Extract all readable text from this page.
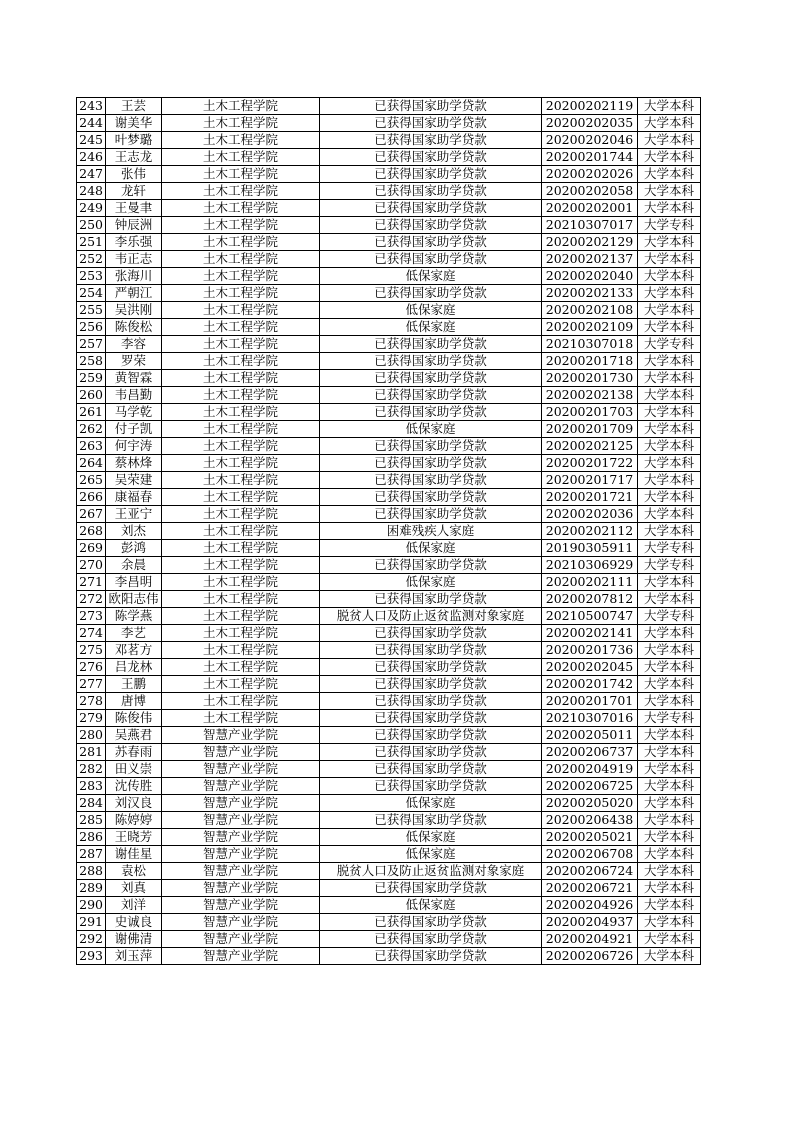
243	王芸	土木工程学院	已获得国家助学贷款	20200202119	大学本科
244	谢美华	土木工程学院	已获得国家助学贷款	20200202035	大学本科
245	叶梦璐	土木工程学院	已获得国家助学贷款	20200202046	大学本科
246	王志龙	土木工程学院	已获得国家助学贷款	20200201744	大学本科
247	张伟	土木工程学院	已获得国家助学贷款	20200202026	大学本科
248	龙轩	土木工程学院	已获得国家助学贷款	20200202058	大学本科
249	王曼聿	土木工程学院	已获得国家助学贷款	20200202001	大学本科
250	钟辰洲	土木工程学院	已获得国家助学贷款	20210307017	大学专科
251	李乐强	土木工程学院	已获得国家助学贷款	20200202129	大学本科
252	韦正志	土木工程学院	已获得国家助学贷款	20200202137	大学本科
253	张海川	土木工程学院	低保家庭	20200202040	大学本科
254	严朝江	土木工程学院	已获得国家助学贷款	20200202133	大学本科
255	吴洪刚	土木工程学院	低保家庭	20200202108	大学本科
256	陈俊松	土木工程学院	低保家庭	20200202109	大学本科
257	李容	土木工程学院	已获得国家助学贷款	20210307018	大学专科
258	罗荣	土木工程学院	已获得国家助学贷款	20200201718	大学本科
259	黄智霖	土木工程学院	已获得国家助学贷款	20200201730	大学本科
260	韦昌勤	土木工程学院	已获得国家助学贷款	20200202138	大学本科
261	马学乾	土木工程学院	已获得国家助学贷款	20200201703	大学本科
262	付子凯	土木工程学院	低保家庭	20200201709	大学本科
263	何宇涛	土木工程学院	已获得国家助学贷款	20200202125	大学本科
264	蔡林烽	土木工程学院	已获得国家助学贷款	20200201722	大学本科
265	吴荣建	土木工程学院	已获得国家助学贷款	20200201717	大学本科
266	康福春	土木工程学院	已获得国家助学贷款	20200201721	大学本科
267	王亚宁	土木工程学院	已获得国家助学贷款	20200202036	大学本科
268	刘杰	土木工程学院	困难残疾人家庭	20200202112	大学本科
269	彭鸿	土木工程学院	低保家庭	20190305911	大学专科
270	余晨	土木工程学院	已获得国家助学贷款	20210306929	大学专科
271	李昌明	土木工程学院	低保家庭	20200202111	大学本科
272	欧阳志伟	土木工程学院	已获得国家助学贷款	20200207812	大学本科
273	陈学燕	土木工程学院	脱贫人口及防止返贫监测对象家庭	20210500747	大学专科
274	李艺	土木工程学院	已获得国家助学贷款	20200202141	大学本科
275	邓茗方	土木工程学院	已获得国家助学贷款	20200201736	大学本科
276	吕龙林	土木工程学院	已获得国家助学贷款	20200202045	大学本科
277	王鹏	土木工程学院	已获得国家助学贷款	20200201742	大学本科
278	唐博	土木工程学院	已获得国家助学贷款	20200201701	大学本科
279	陈俊伟	土木工程学院	已获得国家助学贷款	20210307016	大学专科
280	吴燕君	智慧产业学院	已获得国家助学贷款	20200205011	大学本科
281	苏春雨	智慧产业学院	已获得国家助学贷款	20200206737	大学本科
282	田义崇	智慧产业学院	已获得国家助学贷款	20200204919	大学本科
283	沈传胜	智慧产业学院	已获得国家助学贷款	20200206725	大学本科
284	刘汉良	智慧产业学院	低保家庭	20200205020	大学本科
285	陈婷婷	智慧产业学院	已获得国家助学贷款	20200206438	大学本科
286	王晓芳	智慧产业学院	低保家庭	20200205021	大学本科
287	谢佳星	智慧产业学院	低保家庭	20200206708	大学本科
288	袁松	智慧产业学院	脱贫人口及防止返贫监测对象家庭	20200206724	大学本科
289	刘真	智慧产业学院	已获得国家助学贷款	20200206721	大学本科
290	刘洋	智慧产业学院	低保家庭	20200204926	大学本科
291	史诚良	智慧产业学院	已获得国家助学贷款	20200204937	大学本科
292	谢佛清	智慧产业学院	已获得国家助学贷款	20200204921	大学本科
293	刘玉萍	智慧产业学院	已获得国家助学贷款	20200206726	大学本科
